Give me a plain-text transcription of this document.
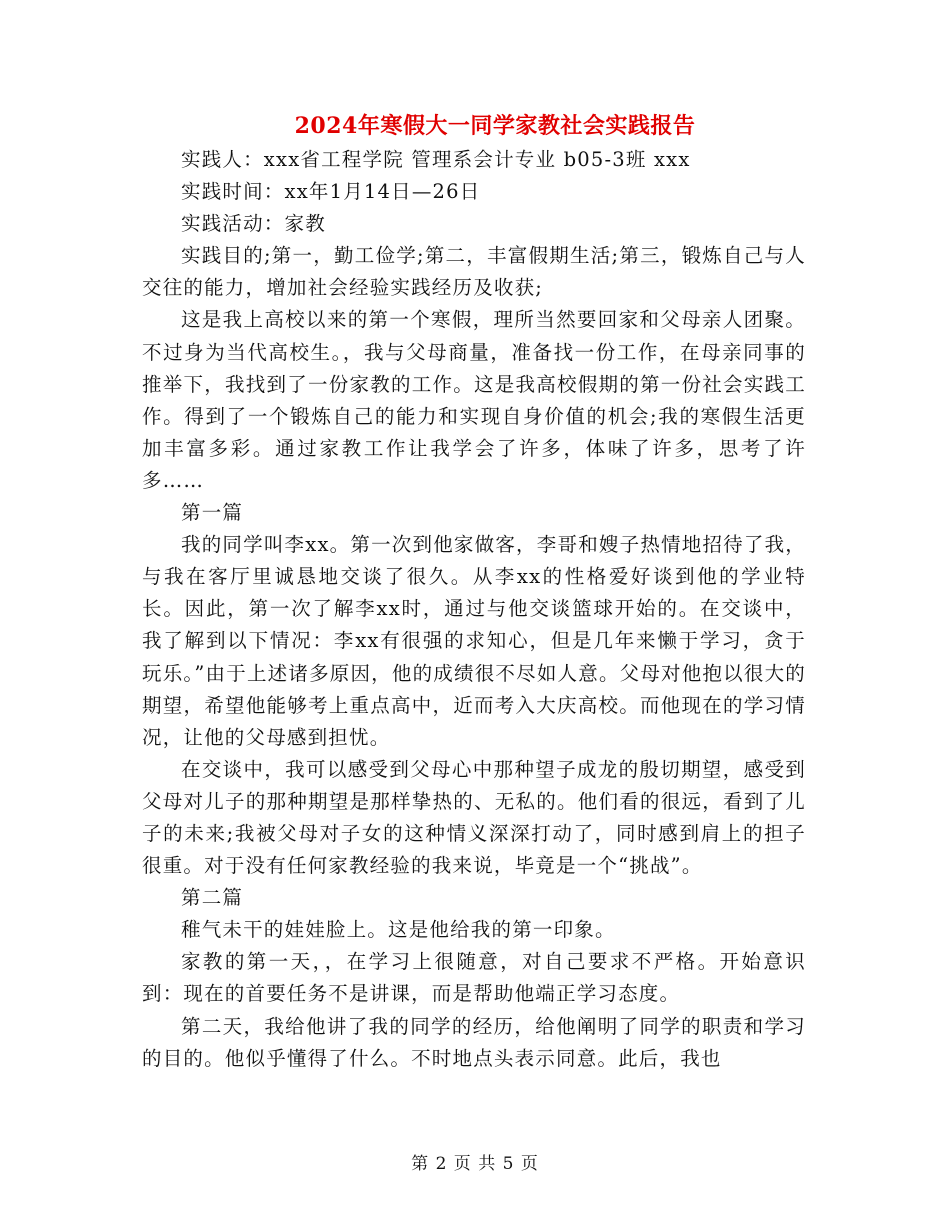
2024年寒假大一同学家教社会实践报告

实践人：xxx省工程学院 管理系会计专业 b05-3班 xxx

实践时间：xx年1月14日—26日

实践活动：家教

实践目的;第一，勤工俭学;第二，丰富假期生活;第三，锻炼自己与人交往的能力，增加社会经验实践经历及收获;

这是我上高校以来的第一个寒假，理所当然要回家和父母亲人团聚。不过身为当代高校生。，我与父母商量，准备找一份工作，在母亲同事的推举下，我找到了一份家教的工作。这是我高校假期的第一份社会实践工作。得到了一个锻炼自己的能力和实现自身价值的机会;我的寒假生活更加丰富多彩。通过家教工作让我学会了许多，体味了许多，思考了许多……

第一篇

我的同学叫李xx。第一次到他家做客，李哥和嫂子热情地招待了我，与我在客厅里诚恳地交谈了很久。从李xx的性格爱好谈到他的学业特长。因此，第一次了解李xx时，通过与他交谈篮球开始的。在交谈中，我了解到以下情况：李xx有很强的求知心，但是几年来懒于学习，贪于玩乐。”由于上述诸多原因，他的成绩很不尽如人意。父母对他抱以很大的期望，希望他能够考上重点高中，近而考入大庆高校。而他现在的学习情况，让他的父母感到担忧。

在交谈中，我可以感受到父母心中那种望子成龙的殷切期望，感受到父母对儿子的那种期望是那样挚热的、无私的。他们看的很远，看到了儿子的未来;我被父母对子女的这种情义深深打动了，同时感到肩上的担子很重。对于没有任何家教经验的我来说，毕竟是一个“挑战”。

第二篇

稚气未干的娃娃脸上。这是他给我的第一印象。

家教的第一天，，在学习上很随意，对自己要求不严格。开始意识到：现在的首要任务不是讲课，而是帮助他端正学习态度。

第二天，我给他讲了我的同学的经历，给他阐明了同学的职责和学习的目的。他似乎懂得了什么。不时地点头表示同意。此后，我也

第 2 页 共 5 页
